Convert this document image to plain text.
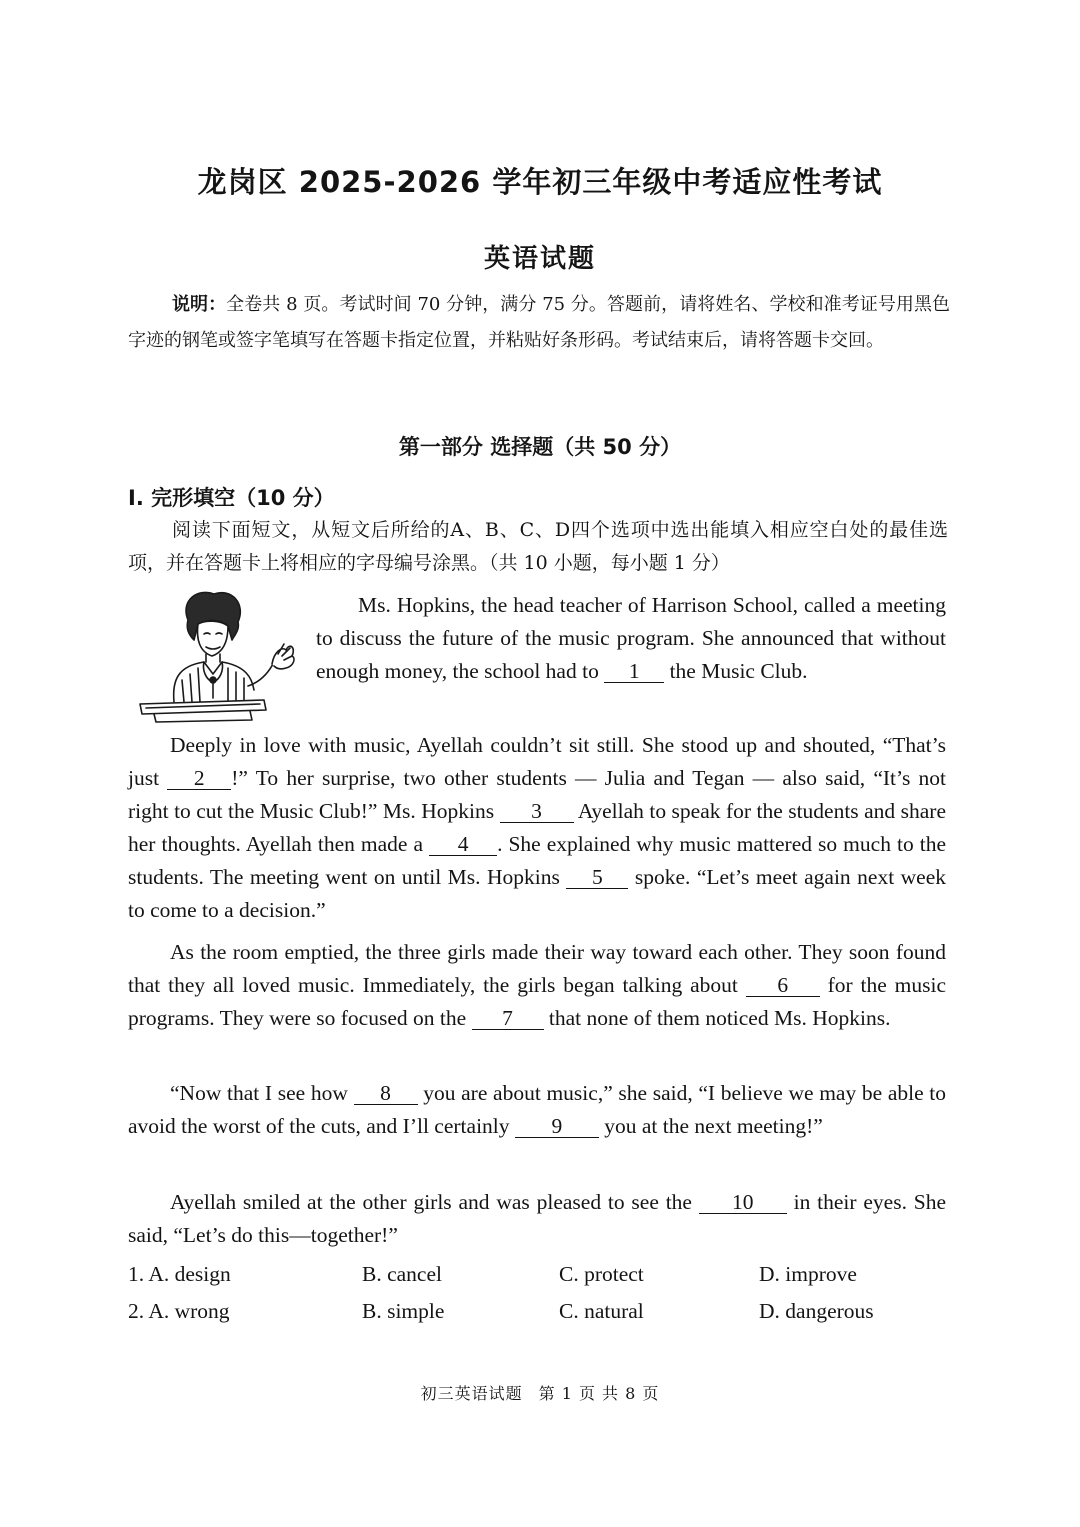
龙岗区 2025-2026 学年初三年级中考适应性考试
英语试题
说明：全卷共 8 页。考试时间 70 分钟，满分 75 分。答题前，请将姓名、学校和准考证号用黑色字迹的钢笔或签字笔填写在答题卡指定位置，并粘贴好条形码。考试结束后，请将答题卡交回。
第一部分 选择题（共 50 分）
I. 完形填空（10 分）
阅读下面短文，从短文后所给的A、B、C、D四个选项中选出能填入相应空白处的最佳选项，并在答题卡上将相应的字母编号涂黑。（共 10 小题，每小题 1 分）
Ms. Hopkins, the head teacher of Harrison School, called a meeting to discuss the future of the music program. She announced that without enough money, the school had to 1 the Music Club.
Deeply in love with music, Ayellah couldn’t sit still. She stood up and shouted, “That’s just 2 !” To her surprise, two other students — Julia and Tegan — also said, “It’s not right to cut the Music Club!” Ms. Hopkins 3 Ayellah to speak for the students and share her thoughts. Ayellah then made a 4 . She explained why music mattered so much to the students. The meeting went on until Ms. Hopkins 5 spoke. “Let’s meet again next week to come to a decision.”
As the room emptied, the three girls made their way toward each other. They soon found that they all loved music. Immediately, the girls began talking about 6 for the music programs. They were so focused on the 7 that none of them noticed Ms. Hopkins.
“Now that I see how 8 you are about music,” she said, “I believe we may be able to avoid the worst of the cuts, and I’ll certainly 9 you at the next meeting!”
Ayellah smiled at the other girls and was pleased to see the 10 in their eyes. She said, “Let’s do this—together!”
1. A. design	B. cancel	C. protect	D. improve
2. A. wrong	B. simple	C. natural	D. dangerous
初三英语试题 第 1 页 共 8 页
